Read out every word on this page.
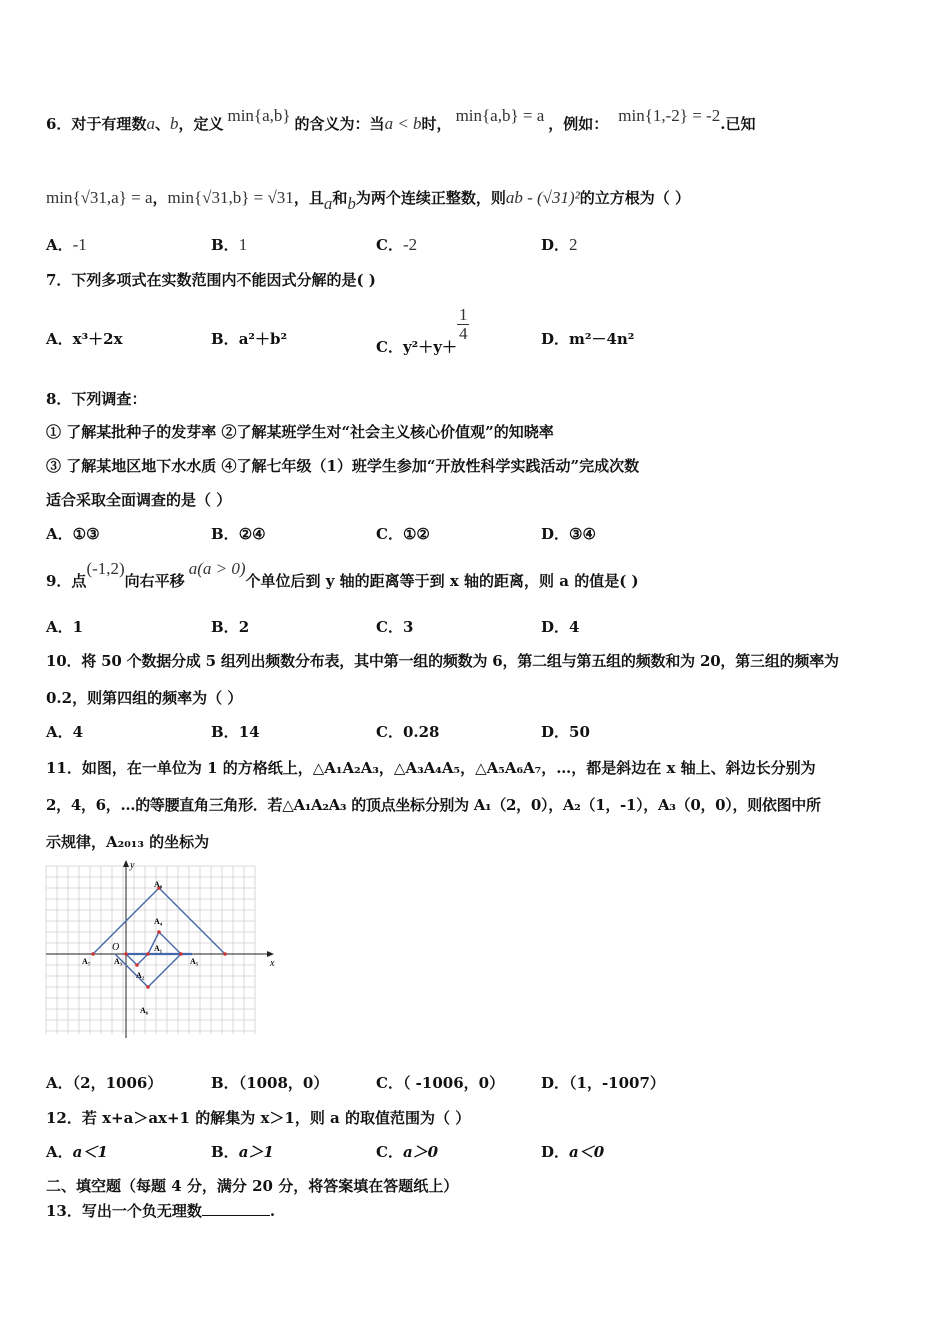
6．对于有理数a、b，定义 min{a,b} 的含义为：当a < b时， min{a,b} = a ，例如： min{1,-2} = -2.已知
min{√31,a} = a，min{√31,b} = √31，且a和b为两个连续正整数，则ab - (√31)²的立方根为（ ）
A．-1	B．1	C．-2	D．2
7．下列多项式在实数范围内不能因式分解的是( )
A．x³＋2x	B．a²＋b²	C．y²＋y＋
$\frac{1}{4}$	D．m²－4n²
8．下列调查：
① 了解某批种子的发芽率 ②了解某班学生对“社会主义核心价值观”的知晓率
③ 了解某地区地下水水质 ④了解七年级（1）班学生参加“开放性科学实践活动”完成次数
适合采取全面调查的是（ ）
A．①③	B．②④	C．①②	D．③④
9．点(-1,2)向右平移a(a > 0)个单位后到 y 轴的距离等于到 x 轴的距离，则 a 的值是( )
A．1	B．2	C．3	D．4
10．将 50 个数据分成 5 组列出频数分布表，其中第一组的频数为 6，第二组与第五组的频数和为 20，第三组的频率为
0.2，则第四组的频率为（ ）
A．4	B．14	C．0.28	D．50
11．如图，在一单位为 1 的方格纸上，△A₁A₂A₃，△A₃A₄A₅，△A₅A₆A₇，…，都是斜边在 x 轴上、斜边长分别为
2，4，6，…的等腰直角三角形．若△A₁A₂A₃ 的顶点坐标分别为 A₁（2，0），A₂（1，-1），A₃（0，0），则依图中所
示规律，A₂₀₁₃ 的坐标为
y
x
O	A₁
A₂
A₃
A₄
A₅
A₆
A₇
A₈
A．（2，1006）	B．（1008，0）	C．（ -1006，0） D．（1，-1007）
12．若 x+a＞ax+1 的解集为 x＞1，则 a 的取值范围为（ ）
A．a＜1	B．a＞1	C．a＞0	D．a＜0
二、填空题（每题 4 分，满分 20 分，将答案填在答题纸上）
13．写出一个负无理数	.
